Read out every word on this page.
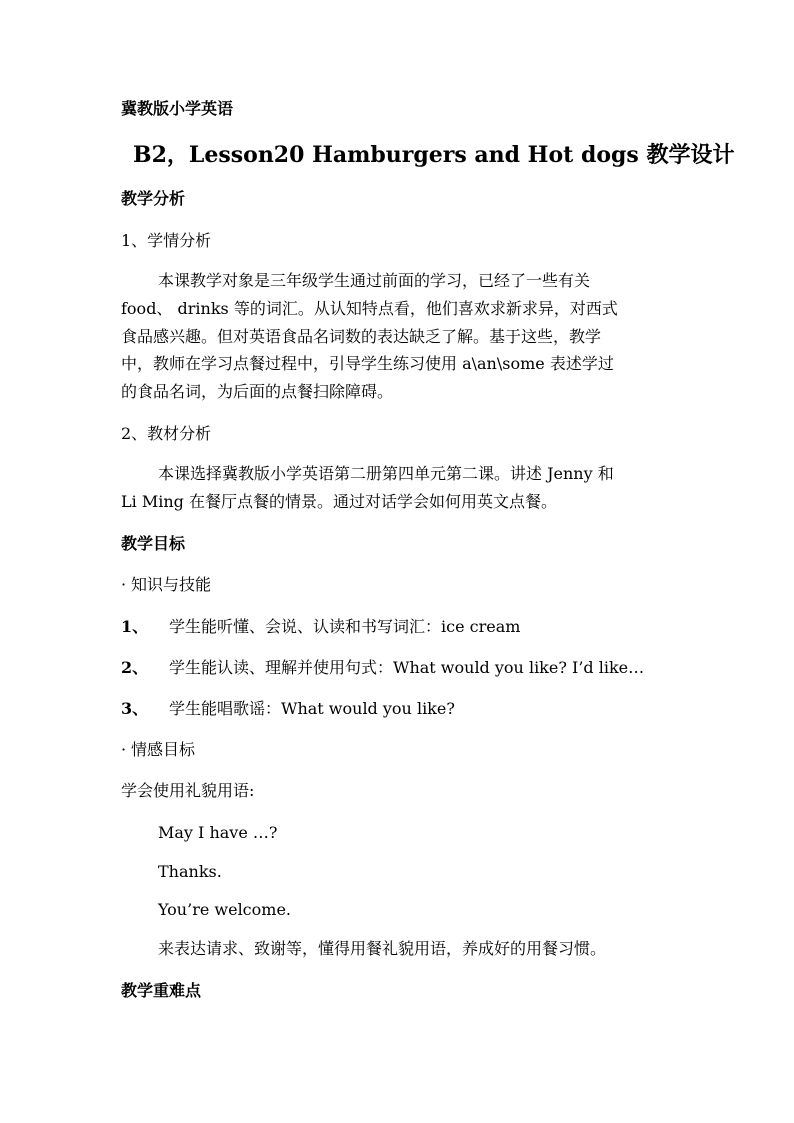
冀教版小学英语
B2，Lesson20 Hamburgers and Hot dogs 教学设计
教学分析
1、学情分析
本课教学对象是三年级学生通过前面的学习，已经了一些有关
food、 drinks 等的词汇。从认知特点看，他们喜欢求新求异，对西式
食品感兴趣。但对英语食品名词数的表达缺乏了解。基于这些，教学
中，教师在学习点餐过程中，引导学生练习使用 a\an\some 表述学过
的食品名词，为后面的点餐扫除障碍。
2、教材分析
本课选择冀教版小学英语第二册第四单元第二课。讲述 Jenny 和
Li Ming 在餐厅点餐的情景。通过对话学会如何用英文点餐。
教学目标
· 知识与技能
1、 学生能听懂、会说、认读和书写词汇：ice cream
2、 学生能认读、理解并使用句式：What would you like? I’d like…
3、 学生能唱歌谣：What would you like?
· 情感目标
学会使用礼貌用语:
May I have …?
Thanks.
You’re welcome.
来表达请求、致谢等，懂得用餐礼貌用语，养成好的用餐习惯。
教学重难点
